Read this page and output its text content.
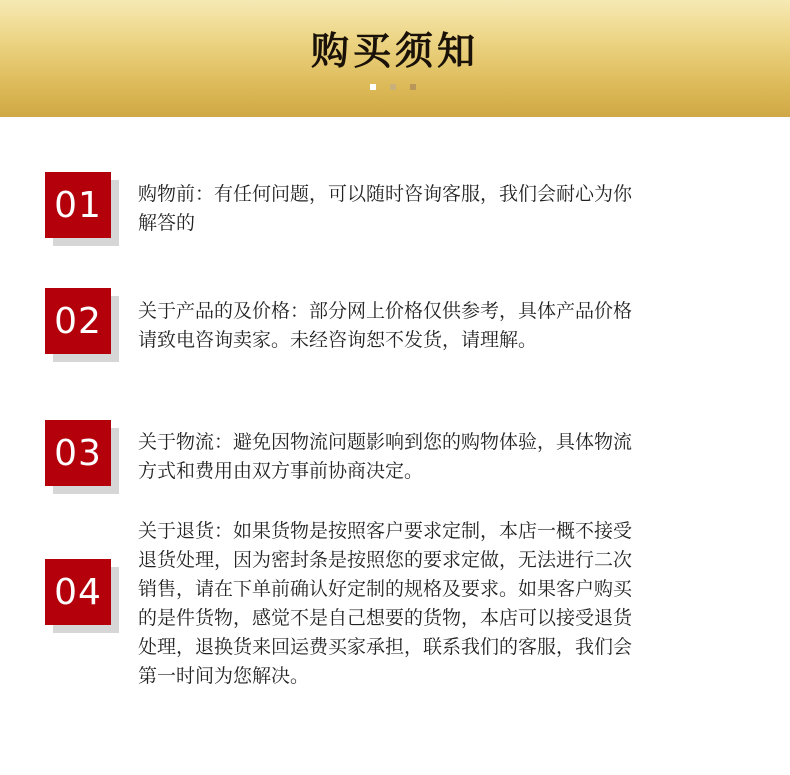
购买须知
01	购物前：有任何问题，可以随时咨询客服，我们会耐心为你
解答的
02	关于产品的及价格：部分网上价格仅供参考，具体产品价格
请致电咨询卖家。未经咨询恕不发货，请理解。
03	关于物流：避免因物流问题影响到您的购物体验，具体物流
方式和费用由双方事前协商决定。
04
关于退货：如果货物是按照客户要求定制，本店一概不接受
退货处理，因为密封条是按照您的要求定做，无法进行二次
销售，请在下单前确认好定制的规格及要求。如果客户购买
的是件货物，感觉不是自己想要的货物，本店可以接受退货
处理，退换货来回运费买家承担，联系我们的客服，我们会
第一时间为您解决。
